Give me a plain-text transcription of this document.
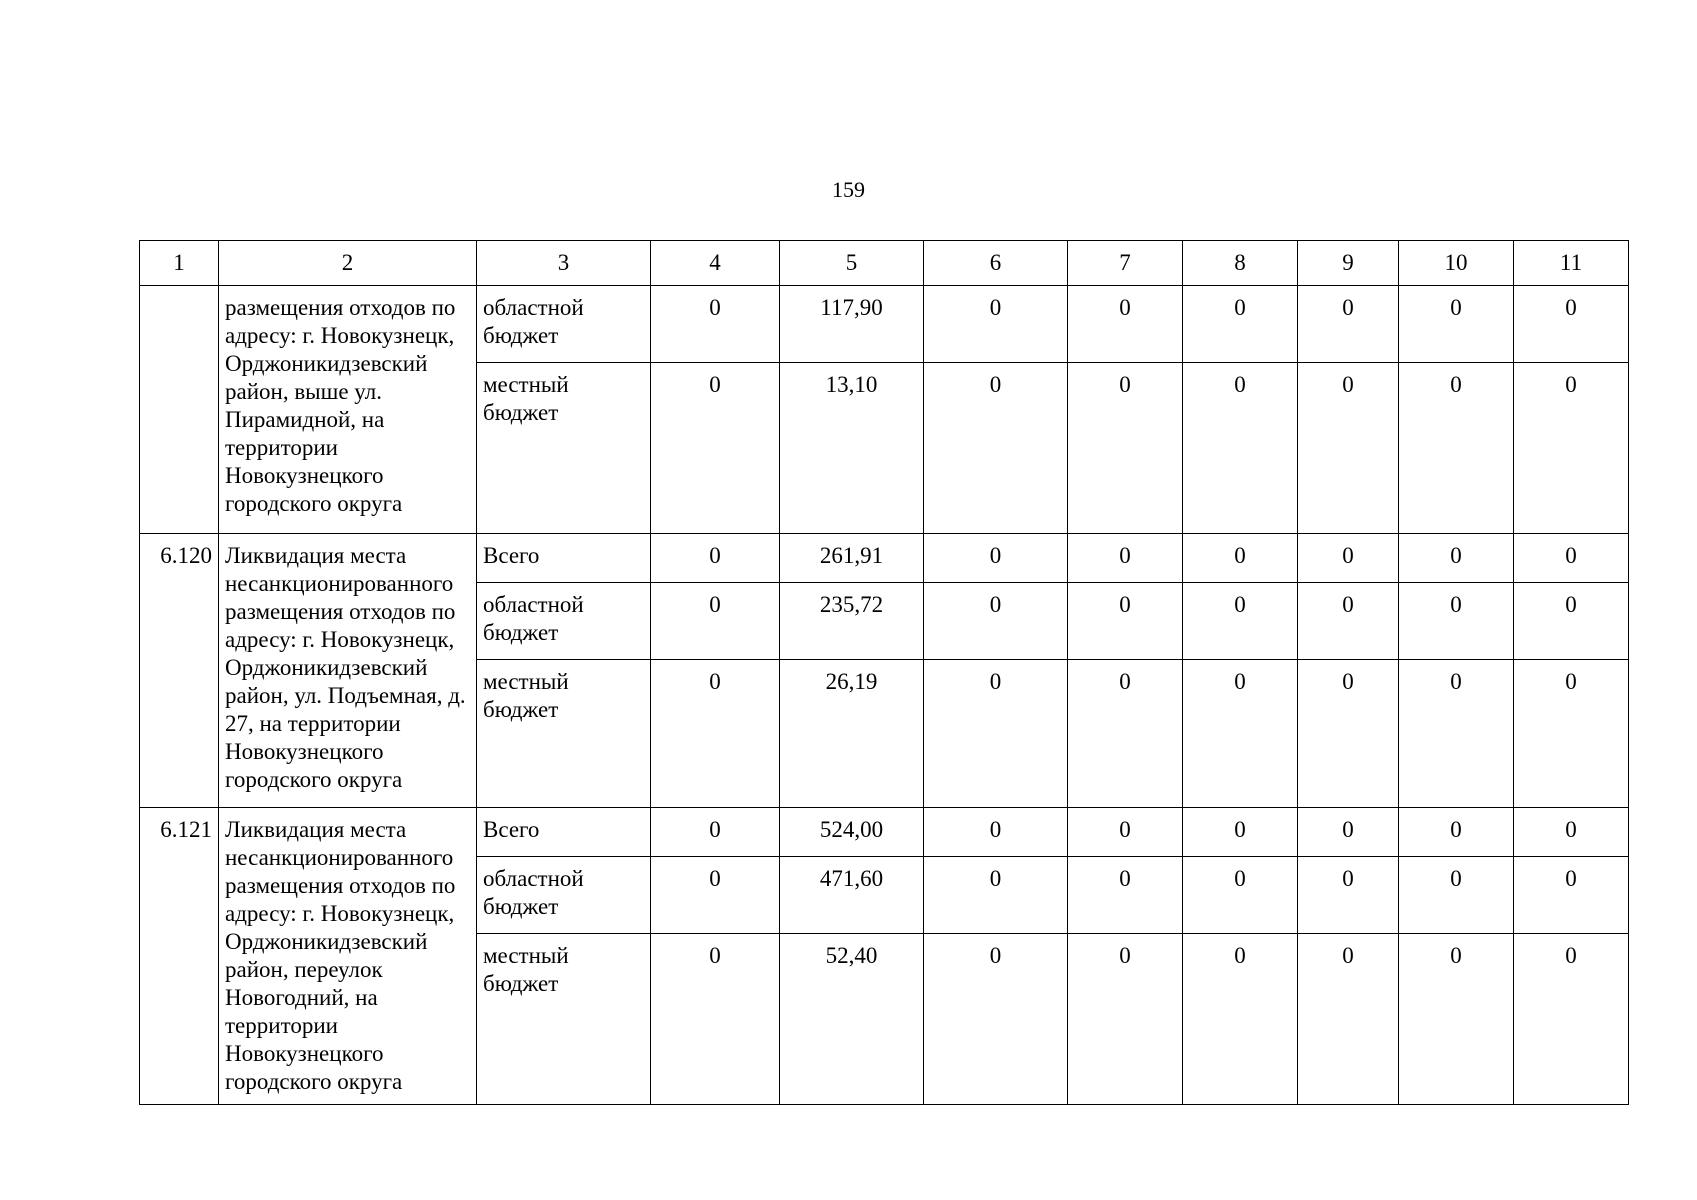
159
1	2	3	4	5	6	7	8	9	10	11
	размещения отходов по адресу: г. Новокузнецк, Орджоникидзевский район, выше ул. Пирамидной, на территории Новокузнецкого городского округа	областной бюджет	0	117,90	0	0	0	0	0	0
		местный бюджет	0	13,10	0	0	0	0	0	0
6.120	Ликвидация места несанкционированного размещения отходов по адресу: г. Новокузнецк, Орджоникидзевский район, ул. Подъемная, д. 27, на территории Новокузнецкого городского округа	Всего	0	261,91	0	0	0	0	0	0
		областной бюджет	0	235,72	0	0	0	0	0	0
		местный бюджет	0	26,19	0	0	0	0	0	0
6.121	Ликвидация места несанкционированного размещения отходов по адресу: г. Новокузнецк, Орджоникидзевский район, переулок Новогодний, на территории Новокузнецкого городского округа	Всего	0	524,00	0	0	0	0	0	0
		областной бюджет	0	471,60	0	0	0	0	0	0
		местный бюджет	0	52,40	0	0	0	0	0	0
